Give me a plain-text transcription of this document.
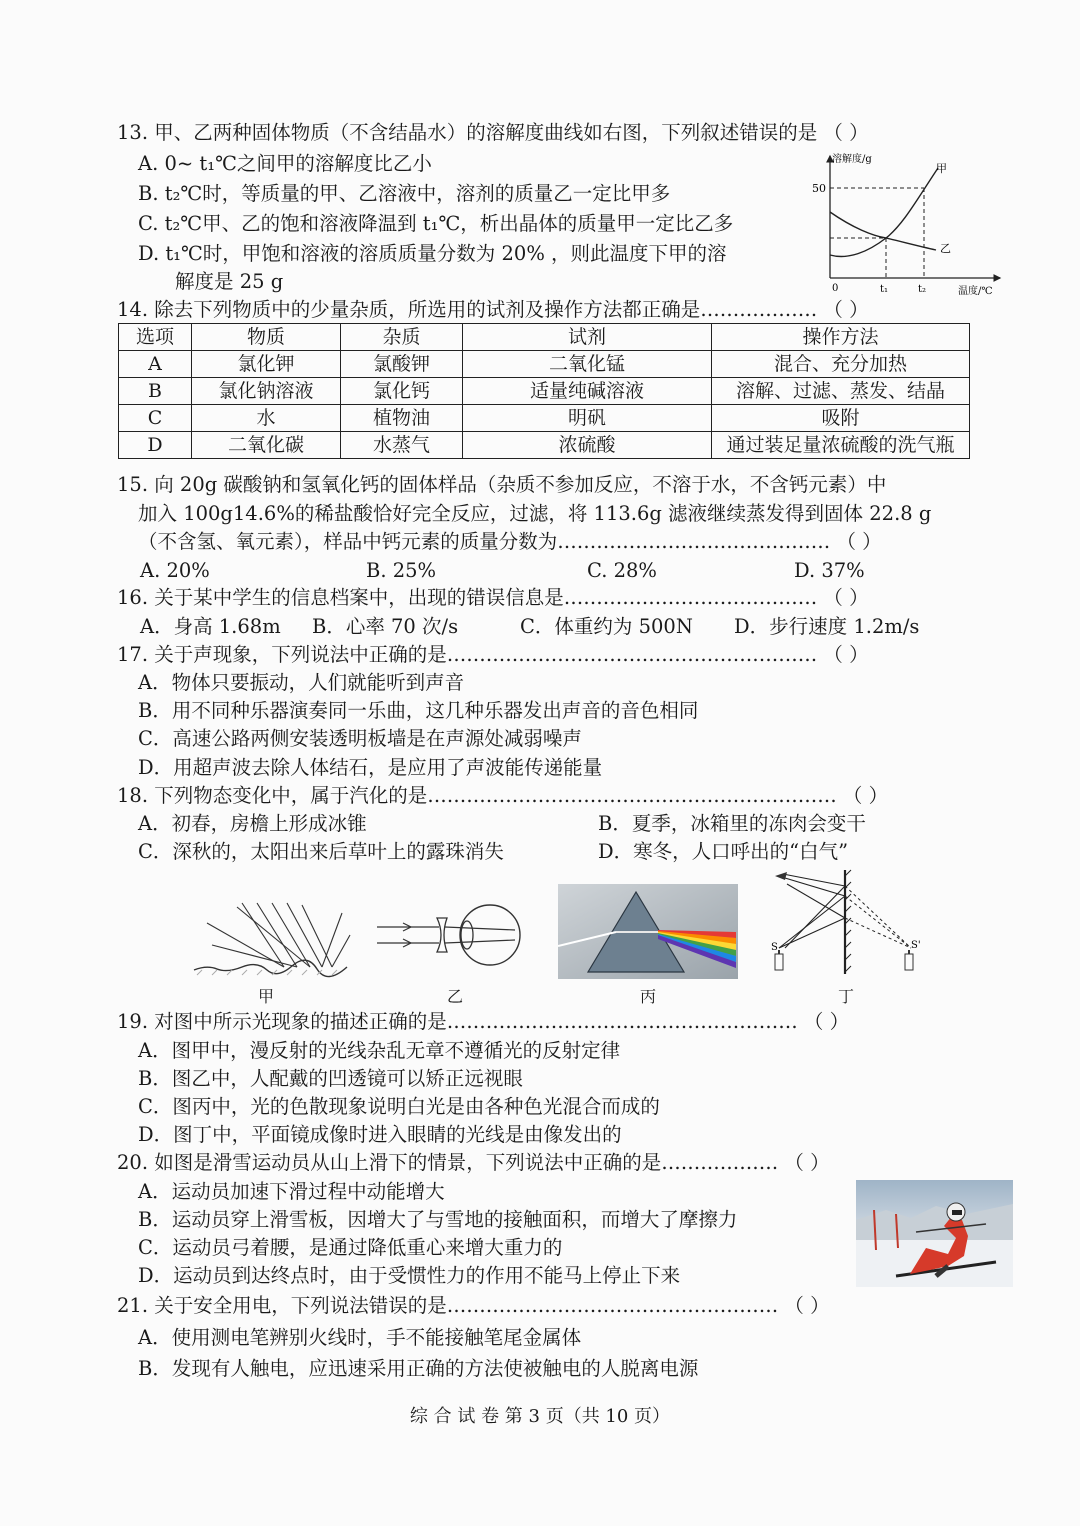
13. 甲、乙两种固体物质（不含结晶水）的溶解度曲线如右图，下列叙述错误的是 （ ）
A. 0~ t₁℃之间甲的溶解度比乙小
B. t₂℃时，等质量的甲、乙溶液中，溶剂的质量乙一定比甲多
C. t₂℃甲、乙的饱和溶液降温到 t₁℃，析出晶体的质量甲一定比乙多
D. t₁℃时，甲饱和溶液的溶质质量分数为 20% ，则此温度下甲的溶
解度是 25 g
溶解度/g
50
0	t₁	t₂	温度/℃
甲
乙
14. 除去下列物质中的少量杂质，所选用的试剂及操作方法都正确是……………… （ ）
选项	物质	杂质	试剂	操作方法
A	氯化钾	氯酸钾	二氧化锰	混合、充分加热
B	氯化钠溶液	氯化钙	适量纯碱溶液	溶解、过滤、蒸发、结晶
C	水	植物油	明矾	吸附
D	二氧化碳	水蒸气	浓硫酸	通过装足量浓硫酸的洗气瓶
15. 向 20g 碳酸钠和氢氧化钙的固体样品（杂质不参加反应，不溶于水，不含钙元素）中
加入 100g14.6%的稀盐酸恰好完全反应，过滤，将 113.6g 滤液继续蒸发得到固体 22.8 g
（不含氢、氧元素），样品中钙元素的质量分数为…………………………………… （ ）
A. 20%	B. 25%	C. 28%	D. 37%
16. 关于某中学生的信息档案中，出现的错误信息是………………………………… （ ）
A．身高 1.68m B．心率 70 次/s	C．体重约为 500N D．步行速度 1.2m/s
17. 关于声现象，下列说法中正确的是………………………………………………… （ ）
A．物体只要振动，人们就能听到声音
B．用不同种乐器演奏同一乐曲，这几种乐器发出声音的音色相同
C．高速公路两侧安装透明板墙是在声源处减弱噪声
D．用超声波去除人体结石，是应用了声波能传递能量
18. 下列物态变化中，属于汽化的是……………………………………………………… （ ）
A．初春，房檐上形成冰锥	B．夏季，冰箱里的冻肉会变干
C．深秋的，太阳出来后草叶上的露珠消失	D．寒冬，人口呼出的“白气”
甲	乙	丙
S	S'
丁
19. 对图中所示光现象的描述正确的是……………………………………………… （ ）
A．图甲中，漫反射的光线杂乱无章不遵循光的反射定律
B．图乙中，人配戴的凹透镜可以矫正远视眼
C．图丙中，光的色散现象说明白光是由各种色光混合而成的
D．图丁中，平面镜成像时进入眼睛的光线是由像发出的
20. 如图是滑雪运动员从山上滑下的情景，下列说法中正确的是……………… （ ）
A．运动员加速下滑过程中动能增大
B．运动员穿上滑雪板，因增大了与雪地的接触面积，而增大了摩擦力
C．运动员弓着腰，是通过降低重心来增大重力的
D．运动员到达终点时，由于受惯性力的作用不能马上停止下来
21. 关于安全用电，下列说法错误的是…………………………………………… （ ）
A．使用测电笔辨别火线时，手不能接触笔尾金属体
B．发现有人触电，应迅速采用正确的方法使被触电的人脱离电源
综 合 试 卷 第 3 页（共 10 页）
